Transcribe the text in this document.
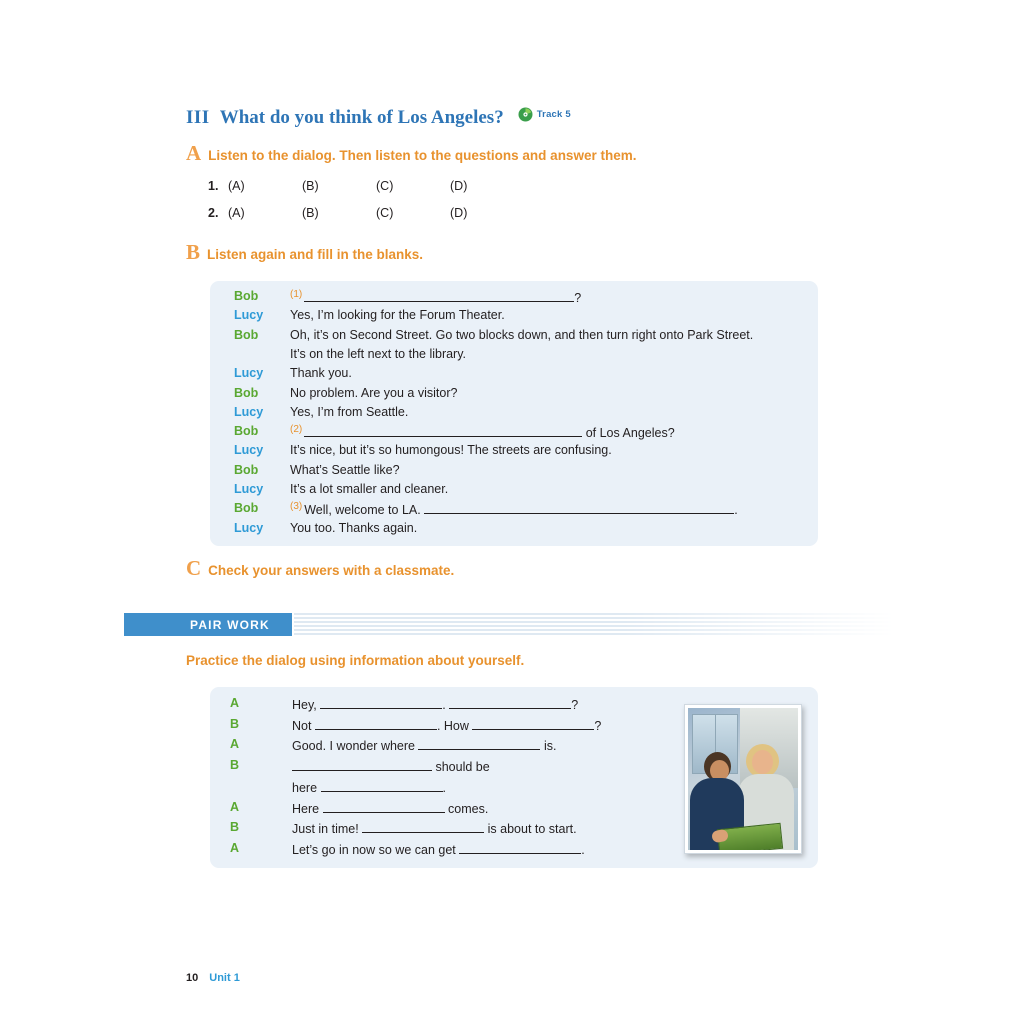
III What do you think of Los Angeles?	Track 5
A Listen to the dialog. Then listen to the questions and answer them.
1. (A)	(B)	(C)	(D)
2. (A)	(B)	(C)	(D)
B Listen again and fill in the blanks.
Bob	$^{(1)}$	?
Lucy	Yes, I’m looking for the Forum Theater.
Bob	Oh, it’s on Second Street. Go two blocks down, and then turn right onto Park Street.
It’s on the left next to the library.
Lucy	Thank you.
Bob	No problem. Are you a visitor?
Lucy	Yes, I’m from Seattle.
Bob	$^{(2)}$	of Los Angeles?
Lucy	It’s nice, but it’s so humongous! The streets are confusing.
Bob	What’s Seattle like?
Lucy	It’s a lot smaller and cleaner.
Bob	$^{(3)}$ Well, welcome to LA.	.
Lucy	You too. Thanks again.
C Check your answers with a classmate.
PAIR WORK
Practice the dialog using information about yourself.
A	Hey,	.	?
B	Not	. How	?
A	Good. I wonder where	is.
B	should be
here	.
A	Here	comes.
B	Just in time!	is about to start.
A	Let’s go in now so we can get	.
10 Unit 1
